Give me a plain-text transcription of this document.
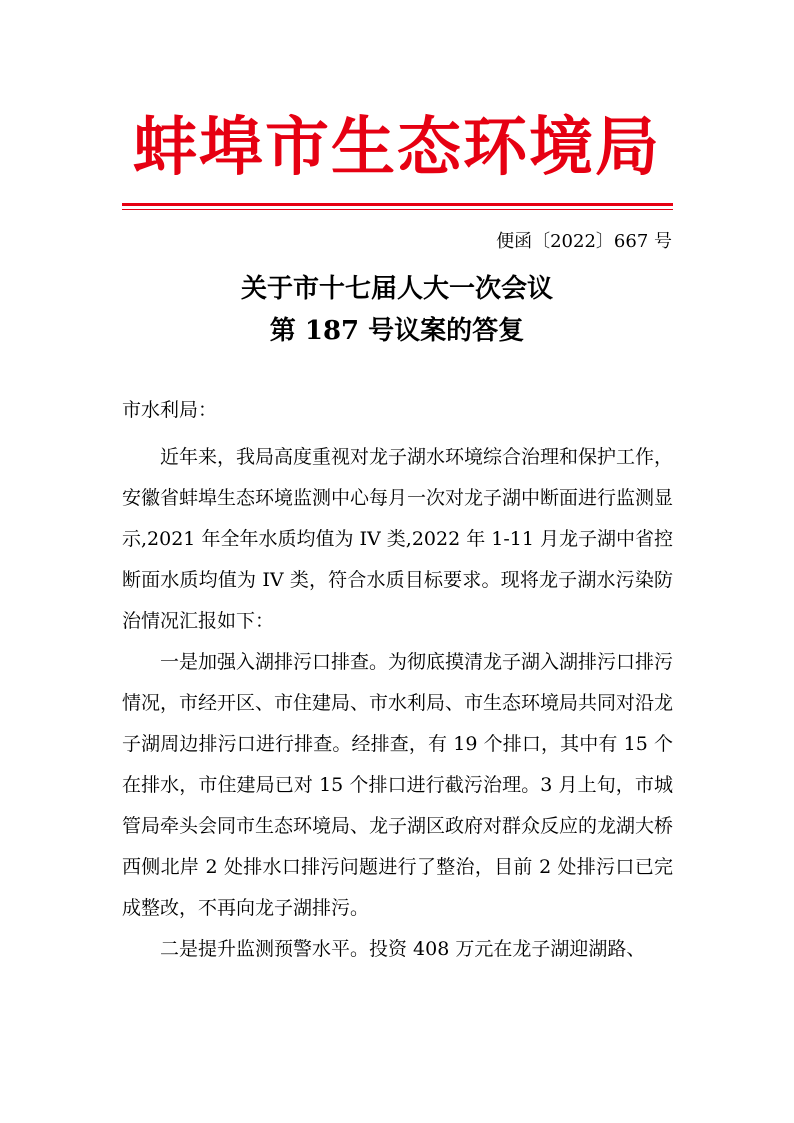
蚌埠市生态环境局
便函〔2022〕667 号
关于市十七届人大一次会议
第 187 号议案的答复
市水利局：

近年来，我局高度重视对龙子湖水环境综合治理和保护工作，安徽省蚌埠生态环境监测中心每月一次对龙子湖中断面进行监测显示,2021 年全年水质均值为 IV 类,2022 年 1-11 月龙子湖中省控断面水质均值为 IV 类，符合水质目标要求。现将龙子湖水污染防治情况汇报如下：

一是加强入湖排污口排查。为彻底摸清龙子湖入湖排污口排污情况，市经开区、市住建局、市水利局、市生态环境局共同对沿龙子湖周边排污口进行排查。经排查，有 19 个排口，其中有 15 个在排水，市住建局已对 15 个排口进行截污治理。3 月上旬，市城管局牵头会同市生态环境局、龙子湖区政府对群众反应的龙湖大桥西侧北岸 2 处排水口排污问题进行了整治，目前 2 处排污口已完成整改，不再向龙子湖排污。

二是提升监测预警水平。投资 408 万元在龙子湖迎湖路、
